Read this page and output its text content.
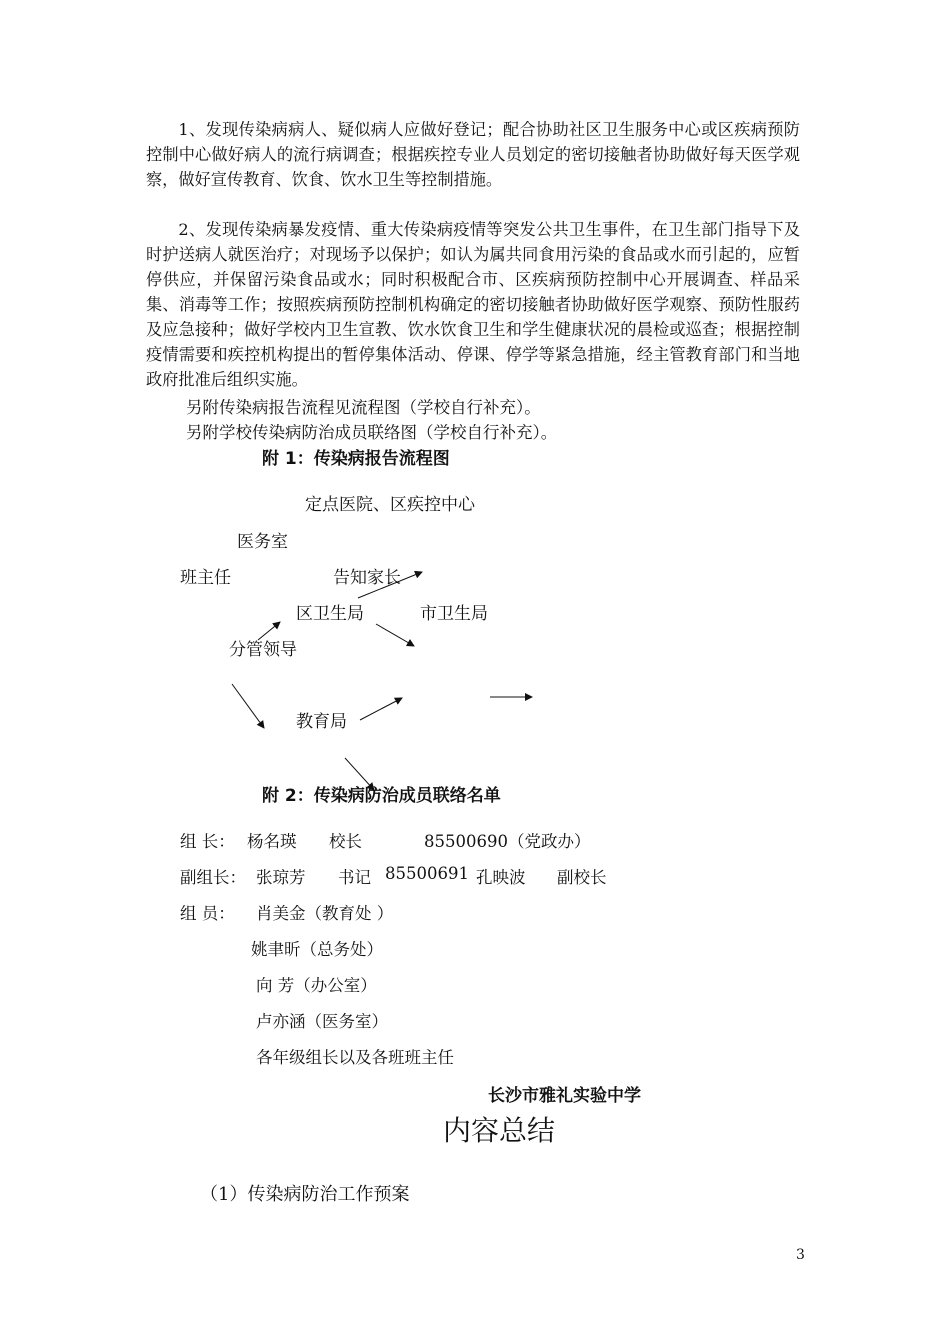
1、发现传染病病人、疑似病人应做好登记；配合协助社区卫生服务中心或区疾病预防控制中心做好病人的流行病调查；根据疾控专业人员划定的密切接触者协助做好每天医学观察，做好宣传教育、饮食、饮水卫生等控制措施。

2、发现传染病暴发疫情、重大传染病疫情等突发公共卫生事件，在卫生部门指导下及时护送病人就医治疗；对现场予以保护；如认为属共同食用污染的食品或水而引起的，应暂停供应，并保留污染食品或水；同时积极配合市、区疾病预防控制中心开展调查、样品采集、消毒等工作；按照疾病预防控制机构确定的密切接触者协助做好医学观察、预防性服药及应急接种；做好学校内卫生宣教、饮水饮食卫生和学生健康状况的晨检或巡查；根据控制疫情需要和疾控机构提出的暂停集体活动、停课、停学等紧急措施，经主管教育部门和当地政府批准后组织实施。

另附传染病报告流程见流程图（学校自行补充）。
另附学校传染病防治成员联络图（学校自行补充）。
附 1：传染病报告流程图
定点医院、区疾控中心
医务室
班主任	告知家长
区卫生局	市卫生局
分管领导
教育局
附 2：传染病防治成员联络名单
组 长： 杨名瑛 校长	85500690（党政办）
副组长： 张琼芳 书记 85500691 孔映波 副校长
组 员： 肖美金（教育处 ）
姚聿昕（总务处）
向 芳（办公室）
卢亦涵（医务室）
各年级组长以及各班班主任
长沙市雅礼实验中学
内容总结
（1）传染病防治工作预案
3
